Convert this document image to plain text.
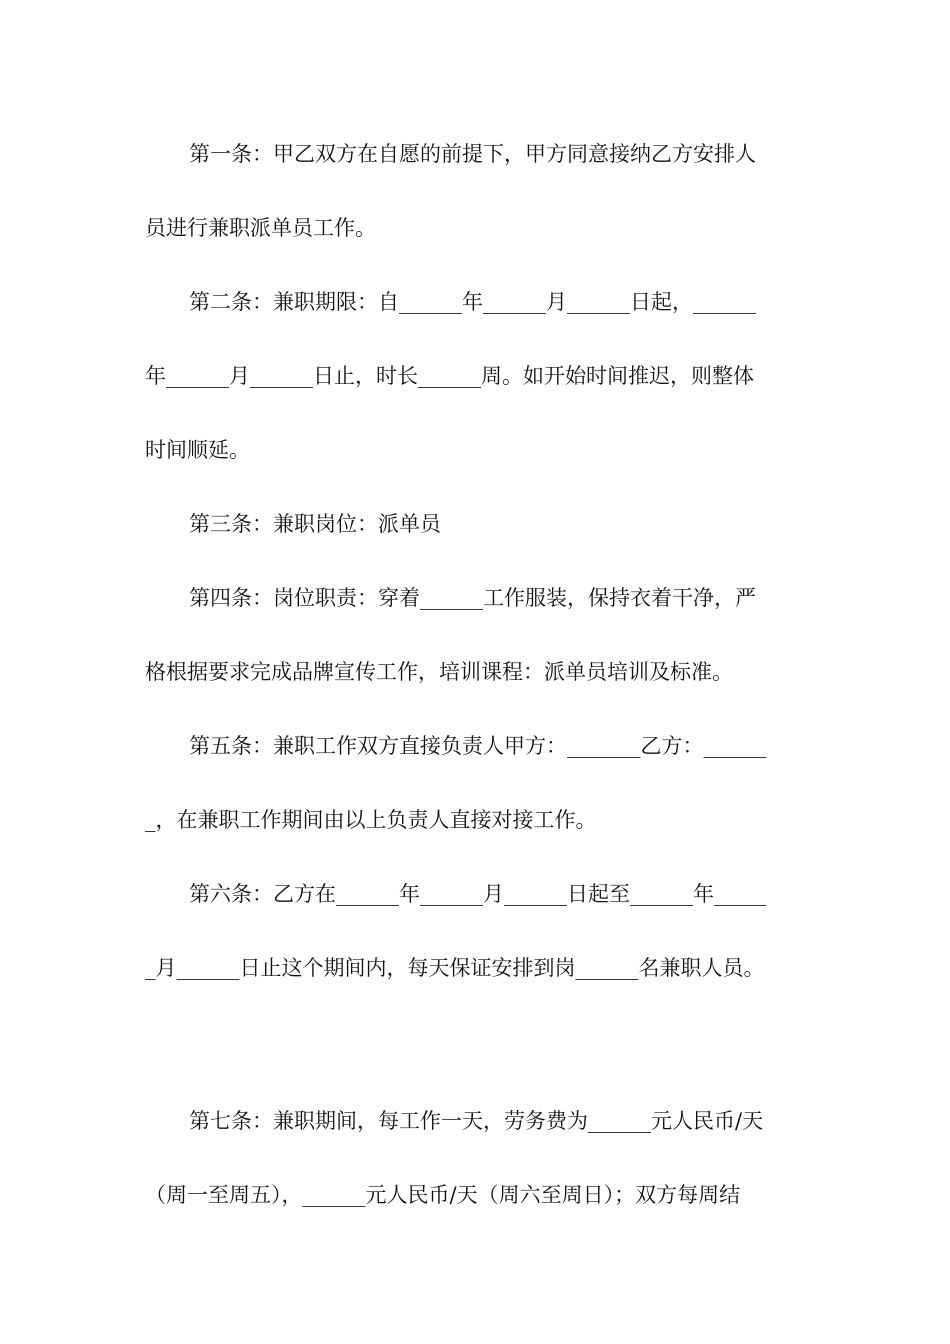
第一条：甲乙双方在自愿的前提下，甲方同意接纳乙方安排人
员进行兼职派单员工作。
第二条：兼职期限：自______年______月______日起，______
年______月______日止，时长______周。如开始时间推迟，则整体
时间顺延。
第三条：兼职岗位：派单员
第四条：岗位职责：穿着______工作服装，保持衣着干净，严
格根据要求完成品牌宣传工作，培训课程：派单员培训及标准。
第五条：兼职工作双方直接负责人甲方：_______乙方：______
_，在兼职工作期间由以上负责人直接对接工作。
第六条：乙方在______年______月______日起至______年_____
_月______日止这个期间内，每天保证安排到岗______名兼职人员。
第七条：兼职期间，每工作一天，劳务费为______元人民币/天
（周一至周五），______元人民币/天（周六至周日）；双方每周结
